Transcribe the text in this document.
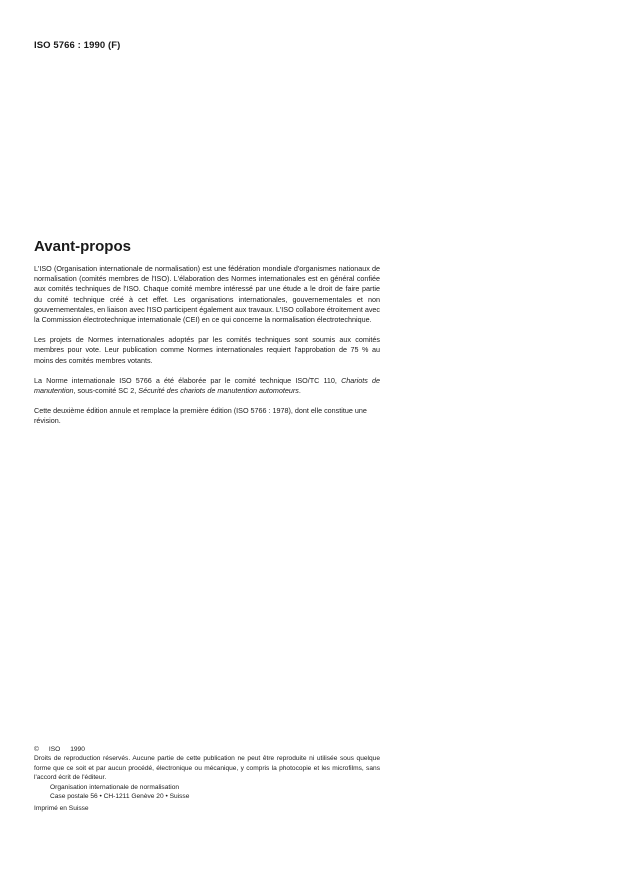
ISO 5766 : 1990 (F)
Avant-propos

L'ISO (Organisation internationale de normalisation) est une fédération mondiale d'organismes nationaux de normalisation (comités membres de l'ISO). L'élaboration des Normes internationales est en général confiée aux comités techniques de l'ISO. Chaque comité membre intéressé par une étude a le droit de faire partie du comité technique créé à cet effet. Les organisations internationales, gouvernementales et non gouvernementales, en liaison avec l'ISO participent également aux travaux. L'ISO collabore étroitement avec la Commission électrotechnique internationale (CEI) en ce qui concerne la normalisation électrotechnique.

Les projets de Normes internationales adoptés par les comités techniques sont soumis aux comités membres pour vote. Leur publication comme Normes internationales requiert l'approbation de 75 % au moins des comités membres votants.

La Norme internationale ISO 5766 a été élaborée par le comité technique ISO/TC 110, Chariots de manutention, sous-comité SC 2, Sécurité des chariots de manutention automoteurs.

Cette deuxième édition annule et remplace la première édition (ISO 5766 : 1978), dont elle constitue une révision.

© ISO 1990
Droits de reproduction réservés. Aucune partie de cette publication ne peut être reproduite ni utilisée sous quelque forme que ce soit et par aucun procédé, électronique ou mécanique, y compris la photocopie et les microfilms, sans l'accord écrit de l'éditeur.
Organisation internationale de normalisation
Case postale 56 • CH-1211 Genève 20 • Suisse
Imprimé en Suisse
